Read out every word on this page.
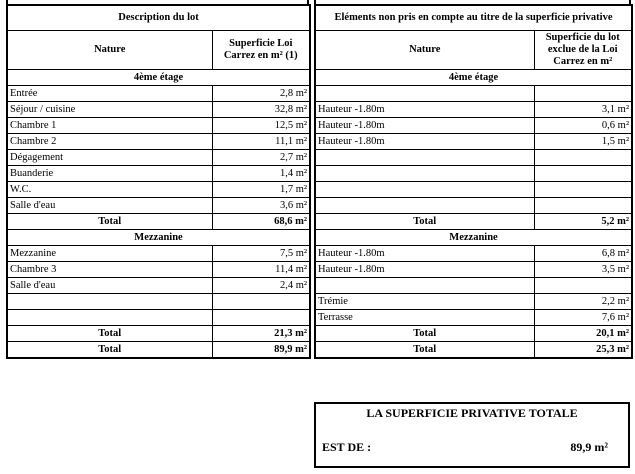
Description du lot	
Nature	Superficie Loi Carrez en m² (1)
4ème étage	
Entrée	2,8 m²
Séjour / cuisine	32,8 m²
Chambre 1	12,5 m²
Chambre 2	11,1 m²
Dégagement	2,7 m²
Buanderie	1,4 m²
W.C.	1,7 m²
Salle d'eau	3,6 m²
Total	68,6 m²
Mezzanine	
Mezzanine	7,5 m²
Chambre 3	11,4 m²
Salle d'eau	2,4 m²

Total	21,3 m²
Total	89,9 m²
Eléments non pris en compte au titre de la superficie privative	
Nature	Superficie du lot exclue de la Loi Carrez en m²
4ème étage	

Hauteur -1.80m	3,1 m²
Hauteur -1.80m	0,6 m²
Hauteur -1.80m	1,5 m²

Total	5,2 m²
Mezzanine	
Hauteur -1.80m	6,8 m²
Hauteur -1.80m	3,5 m²

Trémie	2,2 m²
Terrasse	7,6 m²
Total	20,1 m²
Total	25,3 m²
LA SUPERFICIE PRIVATIVE TOTALE
EST DE :	89,9 m²
